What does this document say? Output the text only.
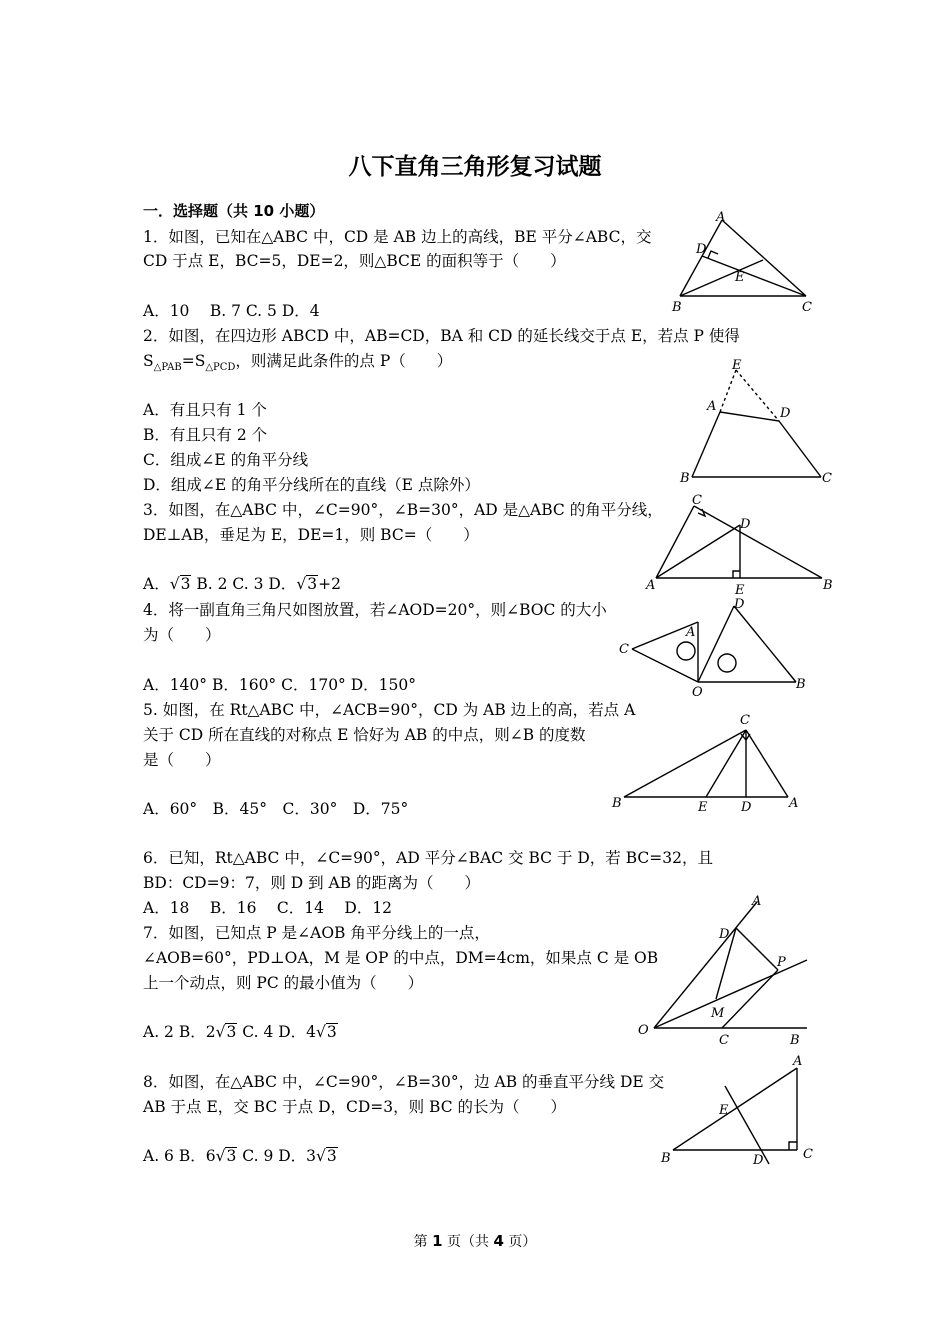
八下直角三角形复习试题
一．选择题（共 10 小题）
1．如图，已知在△ABC 中，CD 是 AB 边上的高线，BE 平分∠ABC，交
CD 于点 E，BC=5，DE=2，则△BCE 的面积等于（　　）
A．10　 B. 7 C. 5 D．4
A
D
E
B	C
2．如图，在四边形 ABCD 中，AB=CD，BA 和 CD 的延长线交于点 E，若点 P 使得
$S_{\triangle PAB}=S_{\triangle PCD}$，则满足此条件的点 P（　　）
A．有且只有 1 个
B．有且只有 2 个
C．组成∠E 的角平分线
D．组成∠E 的角平分线所在的直线（E 点除外）
E
A	D
B	C
3．如图，在△ABC 中，∠C=90°，∠B=30°，AD 是△ABC 的角平分线，
DE⊥AB，垂足为 E，DE=1，则 BC=（　　）
A．√3 B. 2 C. 3 D．√3+2
C
D
A	E	B
4．将一副直角三角尺如图放置，若∠AOD=20°，则∠BOC 的大小
为（　　）
A．140° B．160° C．170° D．150°
D
A
C
O
B
5. 如图，在 Rt△ABC 中，∠ACB=90°，CD 为 AB 边上的高，若点 A
关于 CD 所在直线的对称点 E 恰好为 AB 的中点，则∠B 的度数
是（　　）
A．60°　B．45°　C．30°　D．75°
C
B	E	D	A
6．已知，Rt△ABC 中，∠C=90°，AD 平分∠BAC 交 BC 于 D，若 BC=32，且
BD：CD=9：7，则 D 到 AB 的距离为（　　）
A．18　 B．16　 C．14　 D．12
7．如图，已知点 P 是∠AOB 角平分线上的一点，
∠AOB=60°，PD⊥OA，M 是 OP 的中点，DM=4cm，如果点 C 是 OB
上一个动点，则 PC 的最小值为（　　）
A. 2 B．2√3 C. 4 D．4√3
A
D
P
M
O
C	B
8．如图，在△ABC 中，∠C=90°，∠B=30°，边 AB 的垂直平分线 DE 交
AB 于点 E，交 BC 于点 D，CD=3，则 BC 的长为（　　）
A. 6 B．6√3 C. 9 D．3√3
A
E
B	D	C
第 1 页（共 4 页）
